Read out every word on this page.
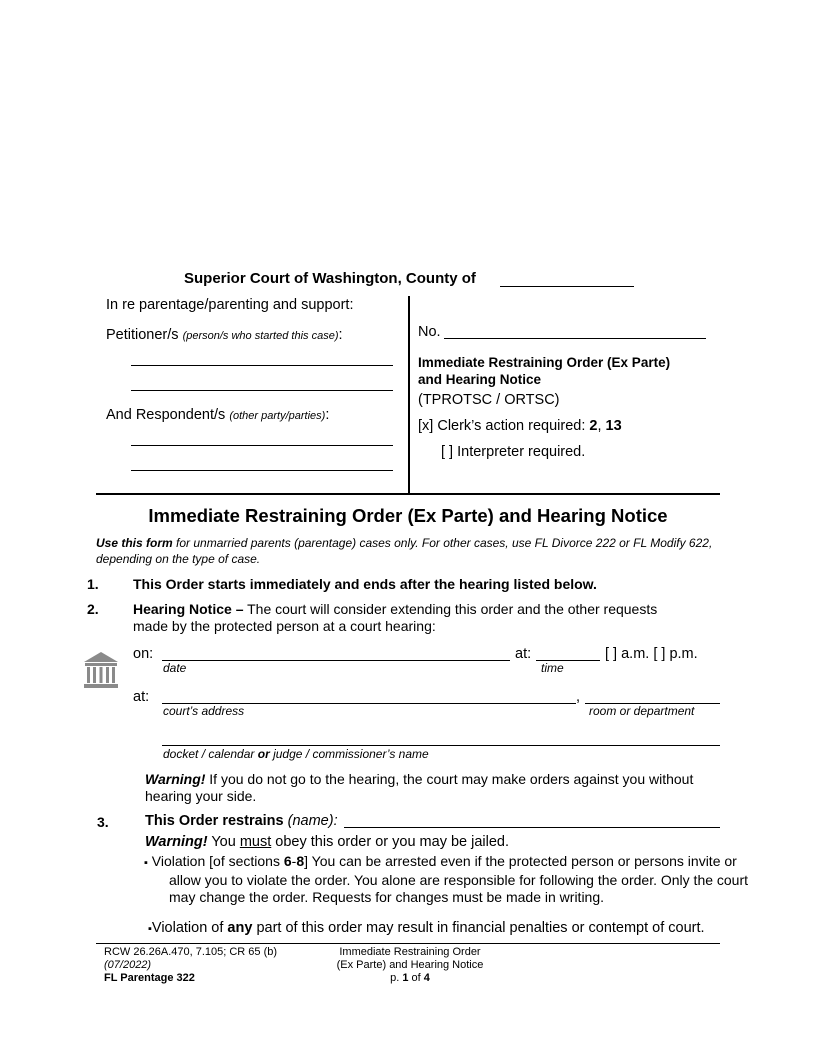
Superior Court of Washington, County of
In re parentage/parenting and support:
Petitioner/s (person/s who started this case):
And Respondent/s (other party/parties):
No.
Immediate Restraining Order (Ex Parte)
and Hearing Notice
(TPROTSC / ORTSC)
[x] Clerk’s action required: 2, 13
[ ] Interpreter required.
Immediate Restraining Order (Ex Parte) and Hearing Notice
Use this form for unmarried parents (parentage) cases only. For other cases, use FL Divorce 222 or FL Modify 622, depending on the type of case.
1. This Order starts immediately and ends after the hearing listed below.
2. Hearing Notice – The court will consider extending this order and the other requests made by the protected person at a court hearing:
on:
date
at:
time
[ ] a.m. [ ] p.m.
at:	,
court’s address	room or department
docket / calendar or judge / commissioner’s name
Warning! If you do not go to the hearing, the court may make orders against you without hearing your side.
3.	This Order restrains (name):
Warning! You must obey this order or you may be jailed.
▪ Violation [of sections 6-8] You can be arrested even if the protected person or persons invite or allow you to violate the order. You alone are responsible for following the order. Only the court may change the order. Requests for changes must be made in writing.
▪Violation of any part of this order may result in financial penalties or contempt of court.
RCW 26.26A.470, 7.105; CR 65 (b)
(07/2022)
FL Parentage 322
Immediate Restraining Order
(Ex Parte) and Hearing Notice
p. 1 of 4
